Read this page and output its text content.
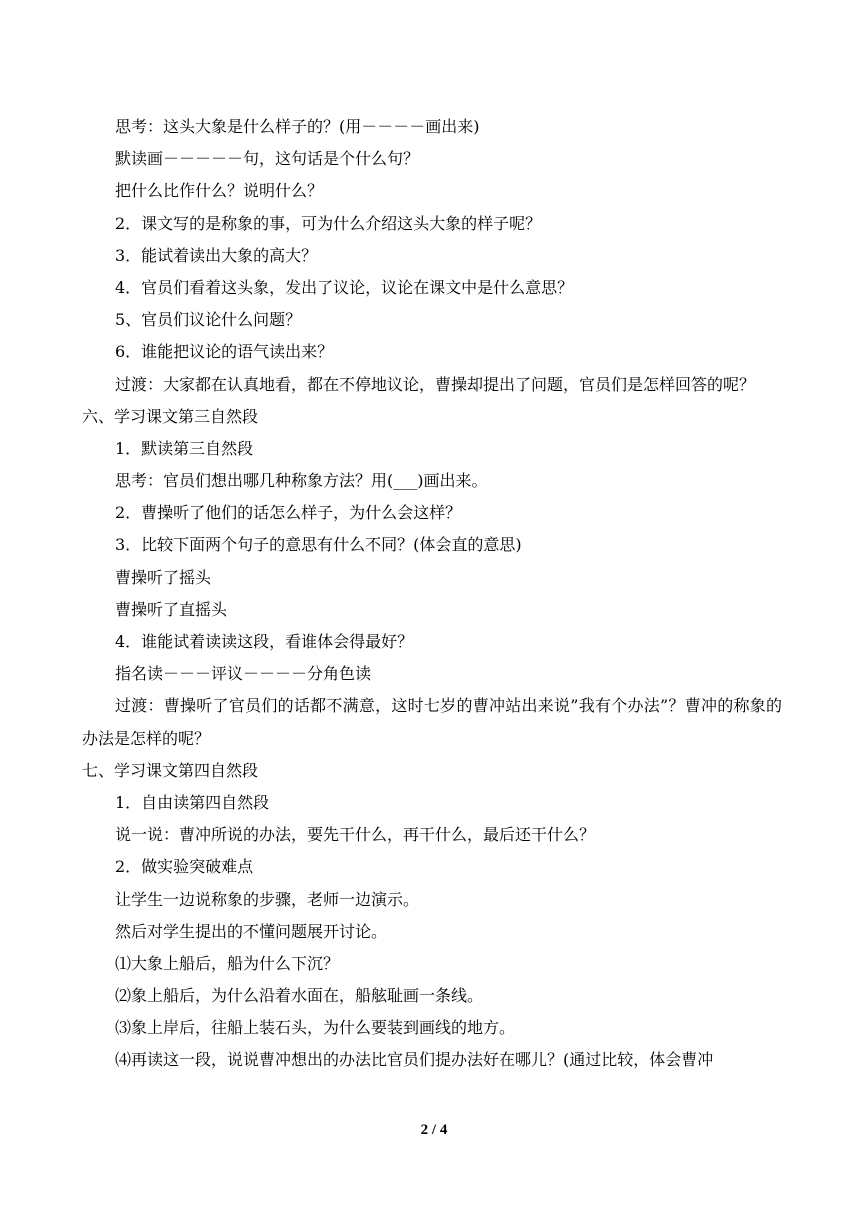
思考：这头大象是什么样子的？(用－－－－画出来)
默读画－－－－－句，这句话是个什么句？
把什么比作什么？说明什么？
2．课文写的是称象的事，可为什么介绍这头大象的样子呢？
3．能试着读出大象的高大？
4．官员们看着这头象，发出了议论，议论在课文中是什么意思？
5、官员们议论什么问题？
6．谁能把议论的语气读出来？
过渡：大家都在认真地看，都在不停地议论，曹操却提出了问题，官员们是怎样回答的呢？
六、学习课文第三自然段
1．默读第三自然段
思考：官员们想出哪几种称象方法？用(___)画出来。
2．曹操听了他们的话怎么样子，为什么会这样？
3．比较下面两个句子的意思有什么不同？(体会直的意思)
曹操听了摇头
曹操听了直摇头
4．谁能试着读读这段，看谁体会得最好？
指名读－－－评议－－－－分角色读
过渡：曹操听了官员们的话都不满意，这时七岁的曹冲站出来说”我有个办法”？曹冲的称象的办法是怎样的呢？
七、学习课文第四自然段
1．自由读第四自然段
说一说：曹冲所说的办法，要先干什么，再干什么，最后还干什么？
2．做实验突破难点
让学生一边说称象的步骤，老师一边演示。
然后对学生提出的不懂问题展开讨论。
⑴大象上船后，船为什么下沉？
⑵象上船后，为什么沿着水面在，船舷耻画一条线。
⑶象上岸后，往船上装石头，为什么要装到画线的地方。
⑷再读这一段，说说曹冲想出的办法比官员们提办法好在哪儿？(通过比较，体会曹冲
2 / 4
